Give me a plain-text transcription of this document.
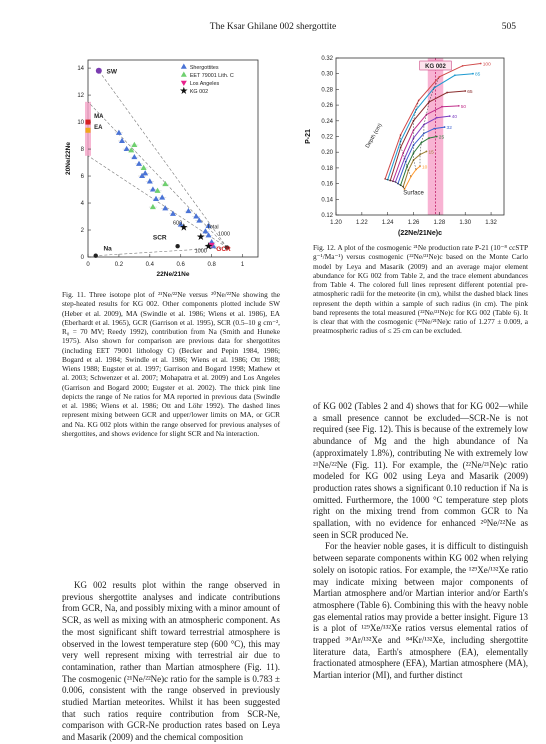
The Ksar Ghilane 002 shergottite	505
0	0.2	0.4	0.6	0.8	1
0
2
4
6
8
10
12
14
22Ne/21Ne
20Ne/22Ne
SW
MA
EA
SCR
GCR
Na
600
1000
1000
Total
Shergottites
EET 79001 Lith. C
Los Angeles
KG 002
KG 002
10
15
25
32
40
50
65
85
100
Surface
Depth (cm)
1.20 1.22 1.24 1.26 1.28 1.30 1.32
0.12
0.14
0.16
0.18
0.20
0.22
0.24
0.26
0.28
0.30
0.32
(22Ne/21Ne)c
P-21
Fig. 11. Three isotope plot of ²¹Ne/²²Ne versus ²⁰Ne/²²Ne showing the step-heated results for KG 002. Other components plotted include SW (Heber et al. 2009), MA (Swindle et al. 1986; Wiens et al. 1986), EA (Eberhardt et al. 1965), GCR (Garrison et al. 1995), SCR (0.5–10 g cm⁻², R₀ = 70 MV; Reedy 1992), contribution from Na (Smith and Huneke 1975). Also shown for comparison are previous data for shergottites (including EET 79001 lithology C) (Becker and Pepin 1984, 1986; Bogard et al. 1984; Swindle et al. 1986; Wiens et al. 1986; Ott 1988; Wiens 1988; Eugster et al. 1997; Garrison and Bogard 1998; Mathew et al. 2003; Schwenzer et al. 2007; Mohapatra et al. 2009) and Los Angeles (Garrison and Bogard 2000; Eugster et al. 2002). The thick pink line depicts the range of Ne ratios for MA reported in previous data (Swindle et al. 1986; Wiens et al. 1986; Ott and Löhr 1992). The dashed lines represent mixing between GCR and upper/lower limits on MA, or GCR and Na. KG 002 plots within the range observed for previous analyses of shergottites, and shows evidence for slight SCR and Na interaction.
Fig. 12. A plot of the cosmogenic ²¹Ne production rate P-21 (10⁻⁸ ccSTP g⁻¹/Ma⁻¹) versus cosmogenic (²²Ne/²¹Ne)c based on the Monte Carlo model by Leya and Masarik (2009) and an average major element abundance for KG 002 from Table 2, and the trace element abundances from Table 4. The colored full lines represent different potential pre-atmospheric radii for the meteorite (in cm), whilst the dashed black lines represent the depth within a sample of such radius (in cm). The pink band represents the total measured (²²Ne/²¹Ne)c for KG 002 (Table 6). It is clear that with the cosmogenic (²²Ne/²¹Ne)c ratio of 1.277 ± 0.009, a preatmospheric radius of ≤ 25 cm can be excluded.

KG 002 results plot within the range observed in previous shergottite analyses and indicate contributions from GCR, Na, and possibly mixing with a minor amount of SCR, as well as mixing with an atmospheric component. As the most significant shift toward terrestrial atmosphere is observed in the lowest temperature step (600 °C), this may very well represent mixing with terrestrial air due to contamination, rather than Martian atmosphere (Fig. 11). The cosmogenic (²¹Ne/²²Ne)c ratio for the sample is 0.783 ± 0.006, consistent with the range observed in previously studied Martian meteorites. Whilst it has been suggested that such ratios require contribution from SCR-Ne, comparison with GCR-Ne production rates based on Leya and Masarik (2009) and the chemical composition

of KG 002 (Tables 2 and 4) shows that for KG 002—while a small presence cannot be excluded—SCR-Ne is not required (see Fig. 12). This is because of the extremely low abundance of Mg and the high abundance of Na (approximately 1.8%), contributing Ne with extremely low ²¹Ne/²²Ne (Fig. 11). For example, the (²²Ne/²¹Ne)c ratio modeled for KG 002 using Leya and Masarik (2009) production rates shows a significant 0.10 reduction if Na is omitted. Furthermore, the 1000 °C temperature step plots right on the mixing trend from common GCR to Na spallation, with no evidence for enhanced ²⁰Ne/²²Ne as seen in SCR produced Ne.

For the heavier noble gases, it is difficult to distinguish between separate components within KG 002 when relying solely on isotopic ratios. For example, the ¹²⁹Xe/¹³²Xe ratio may indicate mixing between major components of Martian atmosphere and/or Martian interior and/or Earth's atmosphere (Table 6). Combining this with the heavy noble gas elemental ratios may provide a better insight. Figure 13 is a plot of ¹²⁹Xe/¹³²Xe ratios versus elemental ratios of trapped ³⁶Ar/¹³²Xe and ⁸⁴Kr/¹³²Xe, including shergottite literature data, Earth's atmosphere (EA), elementally fractionated atmosphere (EFA), Martian atmosphere (MA), Martian interior (MI), and further distinct
